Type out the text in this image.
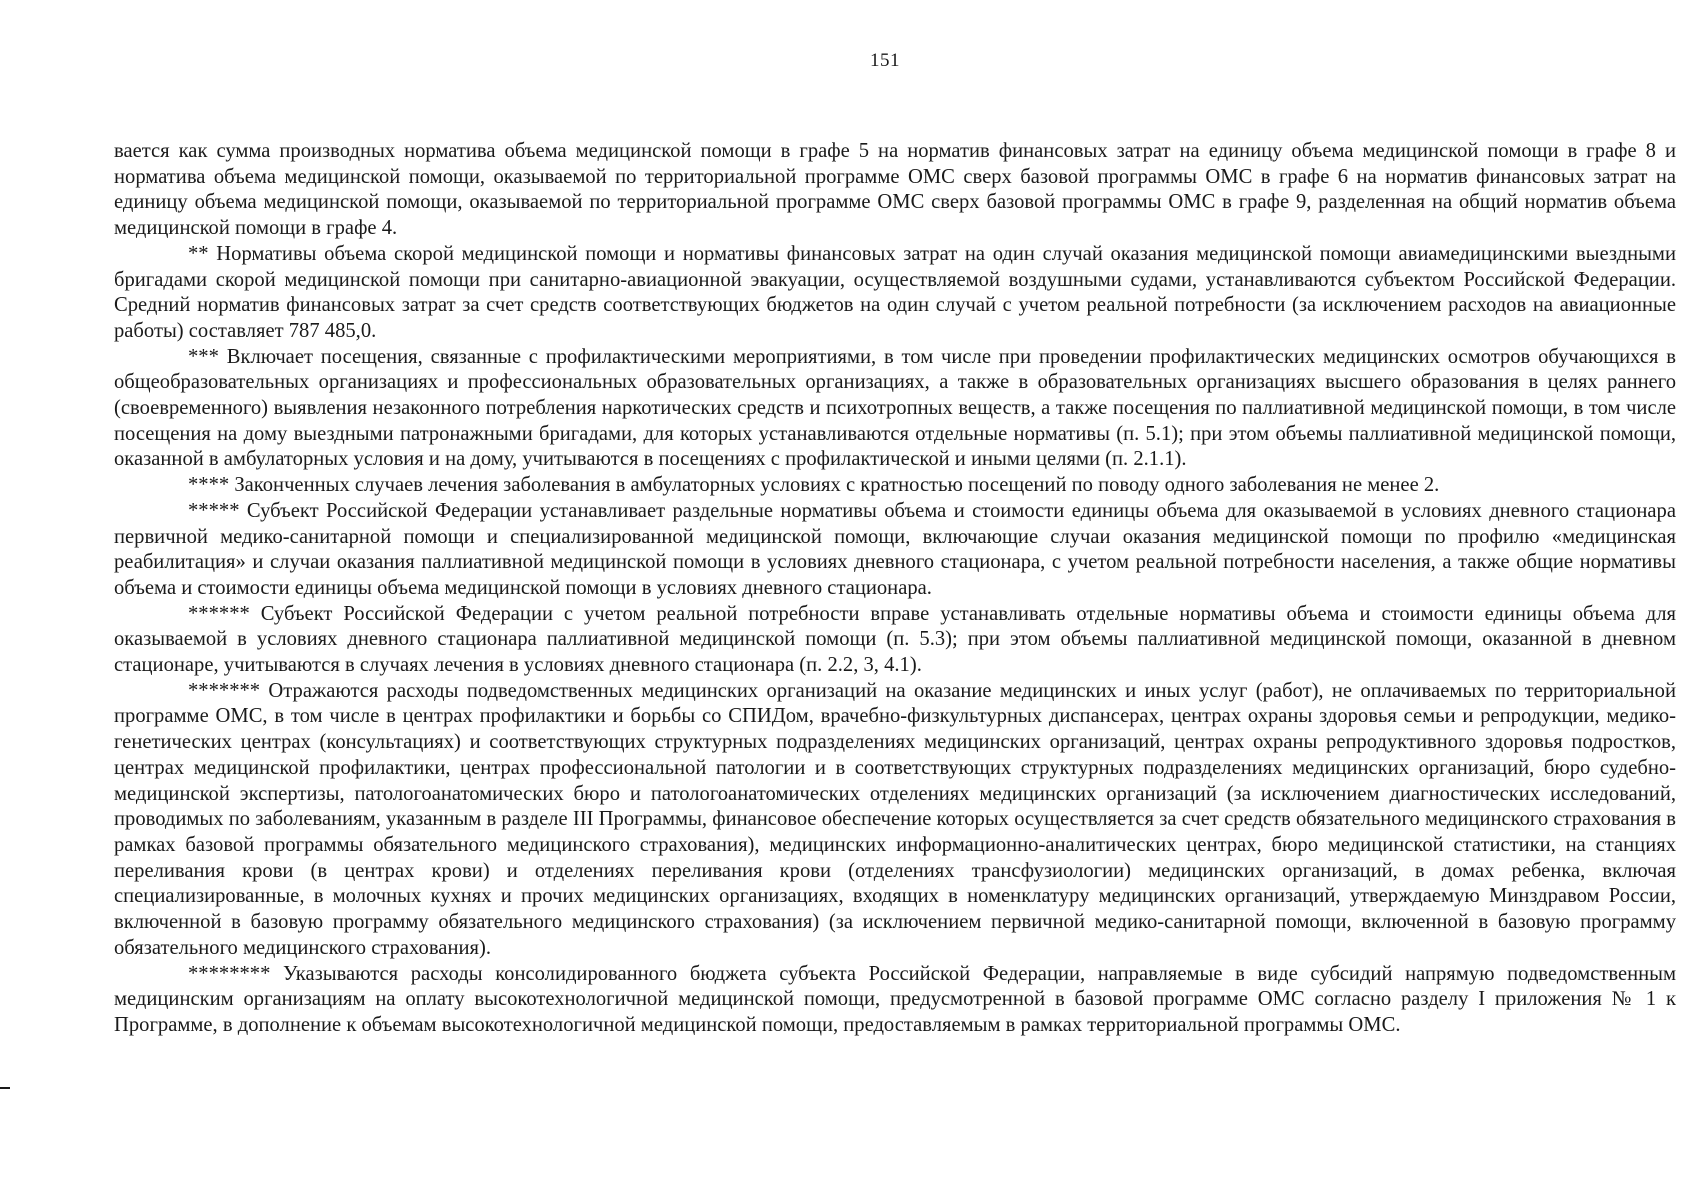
151

вается как сумма производных норматива объема медицинской помощи в графе 5 на норматив финансовых затрат на единицу объема медицинской помощи в графе 8 и норматива объема медицинской помощи, оказываемой по территориальной программе ОМС сверх базовой программы ОМС в графе 6 на норматив финансовых затрат на единицу объема медицинской помощи, оказываемой по территориальной программе ОМС сверх базовой программы ОМС в графе 9, разделенная на общий норматив объема медицинской помощи в графе 4.

** Нормативы объема скорой медицинской помощи и нормативы финансовых затрат на один случай оказания медицинской помощи авиамедицинскими выездными бригадами скорой медицинской помощи при санитарно-авиационной эвакуации, осуществляемой воздушными судами, устанавливаются субъектом Российской Федерации. Средний норматив финансовых затрат за счет средств соответствующих бюджетов на один случай с учетом реальной потребности (за исключением расходов на авиационные работы) составляет 787 485,0.

*** Включает посещения, связанные с профилактическими мероприятиями, в том числе при проведении профилактических медицинских осмотров обучающихся в общеобразовательных организациях и профессиональных образовательных организациях, а также в образовательных организациях высшего образования в целях раннего (своевременного) выявления незаконного потребления наркотических средств и психотропных веществ, а также посещения по паллиативной медицинской помощи, в том числе посещения на дому выездными патронажными бригадами, для которых устанавливаются отдельные нормативы (п. 5.1); при этом объемы паллиативной медицинской помощи, оказанной в амбулаторных условия и на дому, учитываются в посещениях с профилактической и иными целями (п. 2.1.1).

**** Законченных случаев лечения заболевания в амбулаторных условиях с кратностью посещений по поводу одного заболевания не менее 2.

***** Субъект Российской Федерации устанавливает раздельные нормативы объема и стоимости единицы объема для оказываемой в условиях дневного стационара первичной медико-санитарной помощи и специализированной медицинской помощи, включающие случаи оказания медицинской помощи по профилю «медицинская реабилитация» и случаи оказания паллиативной медицинской помощи в условиях дневного стационара, с учетом реальной потребности населения, а также общие нормативы объема и стоимости единицы объема медицинской помощи в условиях дневного стационара.

****** Субъект Российской Федерации с учетом реальной потребности вправе устанавливать отдельные нормативы объема и стоимости единицы объема для оказываемой в условиях дневного стационара паллиативной медицинской помощи (п. 5.3); при этом объемы паллиативной медицинской помощи, оказанной в дневном стационаре, учитываются в случаях лечения в условиях дневного стационара (п. 2.2, 3, 4.1).

******* Отражаются расходы подведомственных медицинских организаций на оказание медицинских и иных услуг (работ), не оплачиваемых по территориальной программе ОМС, в том числе в центрах профилактики и борьбы со СПИДом, врачебно-физкультурных диспансерах, центрах охраны здоровья семьи и репродукции, медико-генетических центрах (консультациях) и соответствующих структурных подразделениях медицинских организаций, центрах охраны репродуктивного здоровья подростков, центрах медицинской профилактики, центрах профессиональной патологии и в соответствующих структурных подразделениях медицинских организаций, бюро судебно-медицинской экспертизы, патологоанатомических бюро и патологоанатомических отделениях медицинских организаций (за исключением диагностических исследований, проводимых по заболеваниям, указанным в разделе III Программы, финансовое обеспечение которых осуществляется за счет средств обязательного медицинского страхования в рамках базовой программы обязательного медицинского страхования), медицинских информационно-аналитических центрах, бюро медицинской статистики, на станциях переливания крови (в центрах крови) и отделениях переливания крови (отделениях трансфузиологии) медицинских организаций, в домах ребенка, включая специализированные, в молочных кухнях и прочих медицинских организациях, входящих в номенклатуру медицинских организаций, утверждаемую Минздравом России, включенной в базовую программу обязательного медицинского страхования) (за исключением первичной медико-санитарной помощи, включенной в базовую программу обязательного медицинского страхования).

******** Указываются расходы консолидированного бюджета субъекта Российской Федерации, направляемые в виде субсидий напрямую подведомственным медицинским организациям на оплату высокотехнологичной медицинской помощи, предусмотренной в базовой программе ОМС согласно разделу I приложения № 1 к Программе, в дополнение к объемам высокотехнологичной медицинской помощи, предоставляемым в рамках территориальной программы ОМС.
